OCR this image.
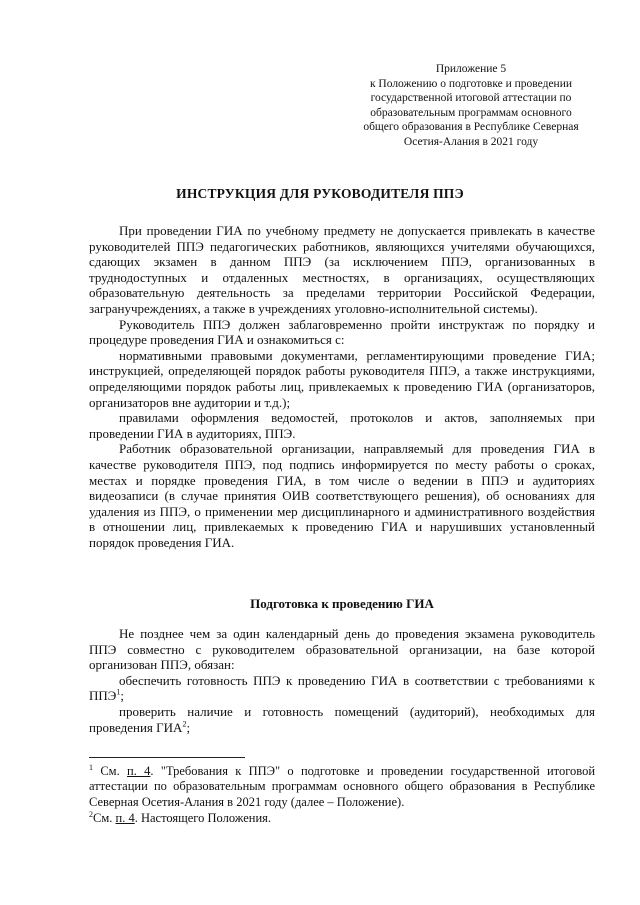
Приложение 5
к Положению о подготовке и проведении
государственной итоговой аттестации по
образовательным программам основного
общего образования в Республике Северная
Осетия-Алания в 2021 году
ИНСТРУКЦИЯ ДЛЯ РУКОВОДИТЕЛЯ ППЭ

При проведении ГИА по учебному предмету не допускается привлекать в качестве руководителей ППЭ педагогических работников, являющихся учителями обучающихся, сдающих экзамен в данном ППЭ (за исключением ППЭ, организованных в труднодоступных и отдаленных местностях, в организациях, осуществляющих образовательную деятельность за пределами территории Российской Федерации, загранучреждениях, а также в учреждениях уголовно-исполнительной системы).

Руководитель ППЭ должен заблаговременно пройти инструктаж по порядку и процедуре проведения ГИА и ознакомиться с:

нормативными правовыми документами, регламентирующими проведение ГИА; инструкцией, определяющей порядок работы руководителя ППЭ, а также инструкциями, определяющими порядок работы лиц, привлекаемых к проведению ГИА (организаторов, организаторов вне аудитории и т.д.);

правилами оформления ведомостей, протоколов и актов, заполняемых при проведении ГИА в аудиториях, ППЭ.

Работник образовательной организации, направляемый для проведения ГИА в качестве руководителя ППЭ, под подпись информируется по месту работы о сроках, местах и порядке проведения ГИА, в том числе о ведении в ППЭ и аудиториях видеозаписи (в случае принятия ОИВ соответствующего решения), об основаниях для удаления из ППЭ, о применении мер дисциплинарного и административного воздействия в отношении лиц, привлекаемых к проведению ГИА и нарушивших установленный порядок проведения ГИА.

Подготовка к проведению ГИА

Не позднее чем за один календарный день до проведения экзамена руководитель ППЭ совместно с руководителем образовательной организации, на базе которой организован ППЭ, обязан:

обеспечить готовность ППЭ к проведению ГИА в соответствии с требованиями к ППЭ$^1$;

проверить наличие и готовность помещений (аудиторий), необходимых для проведения ГИА$^2$;

$^1$ См. п. 4. "Требования к ППЭ" о подготовке и проведении государственной итоговой аттестации по образовательным программам основного общего образования в Республике Северная Осетия-Алания в 2021 году (далее – Положение).

$^2$См. п. 4. Настоящего Положения.
